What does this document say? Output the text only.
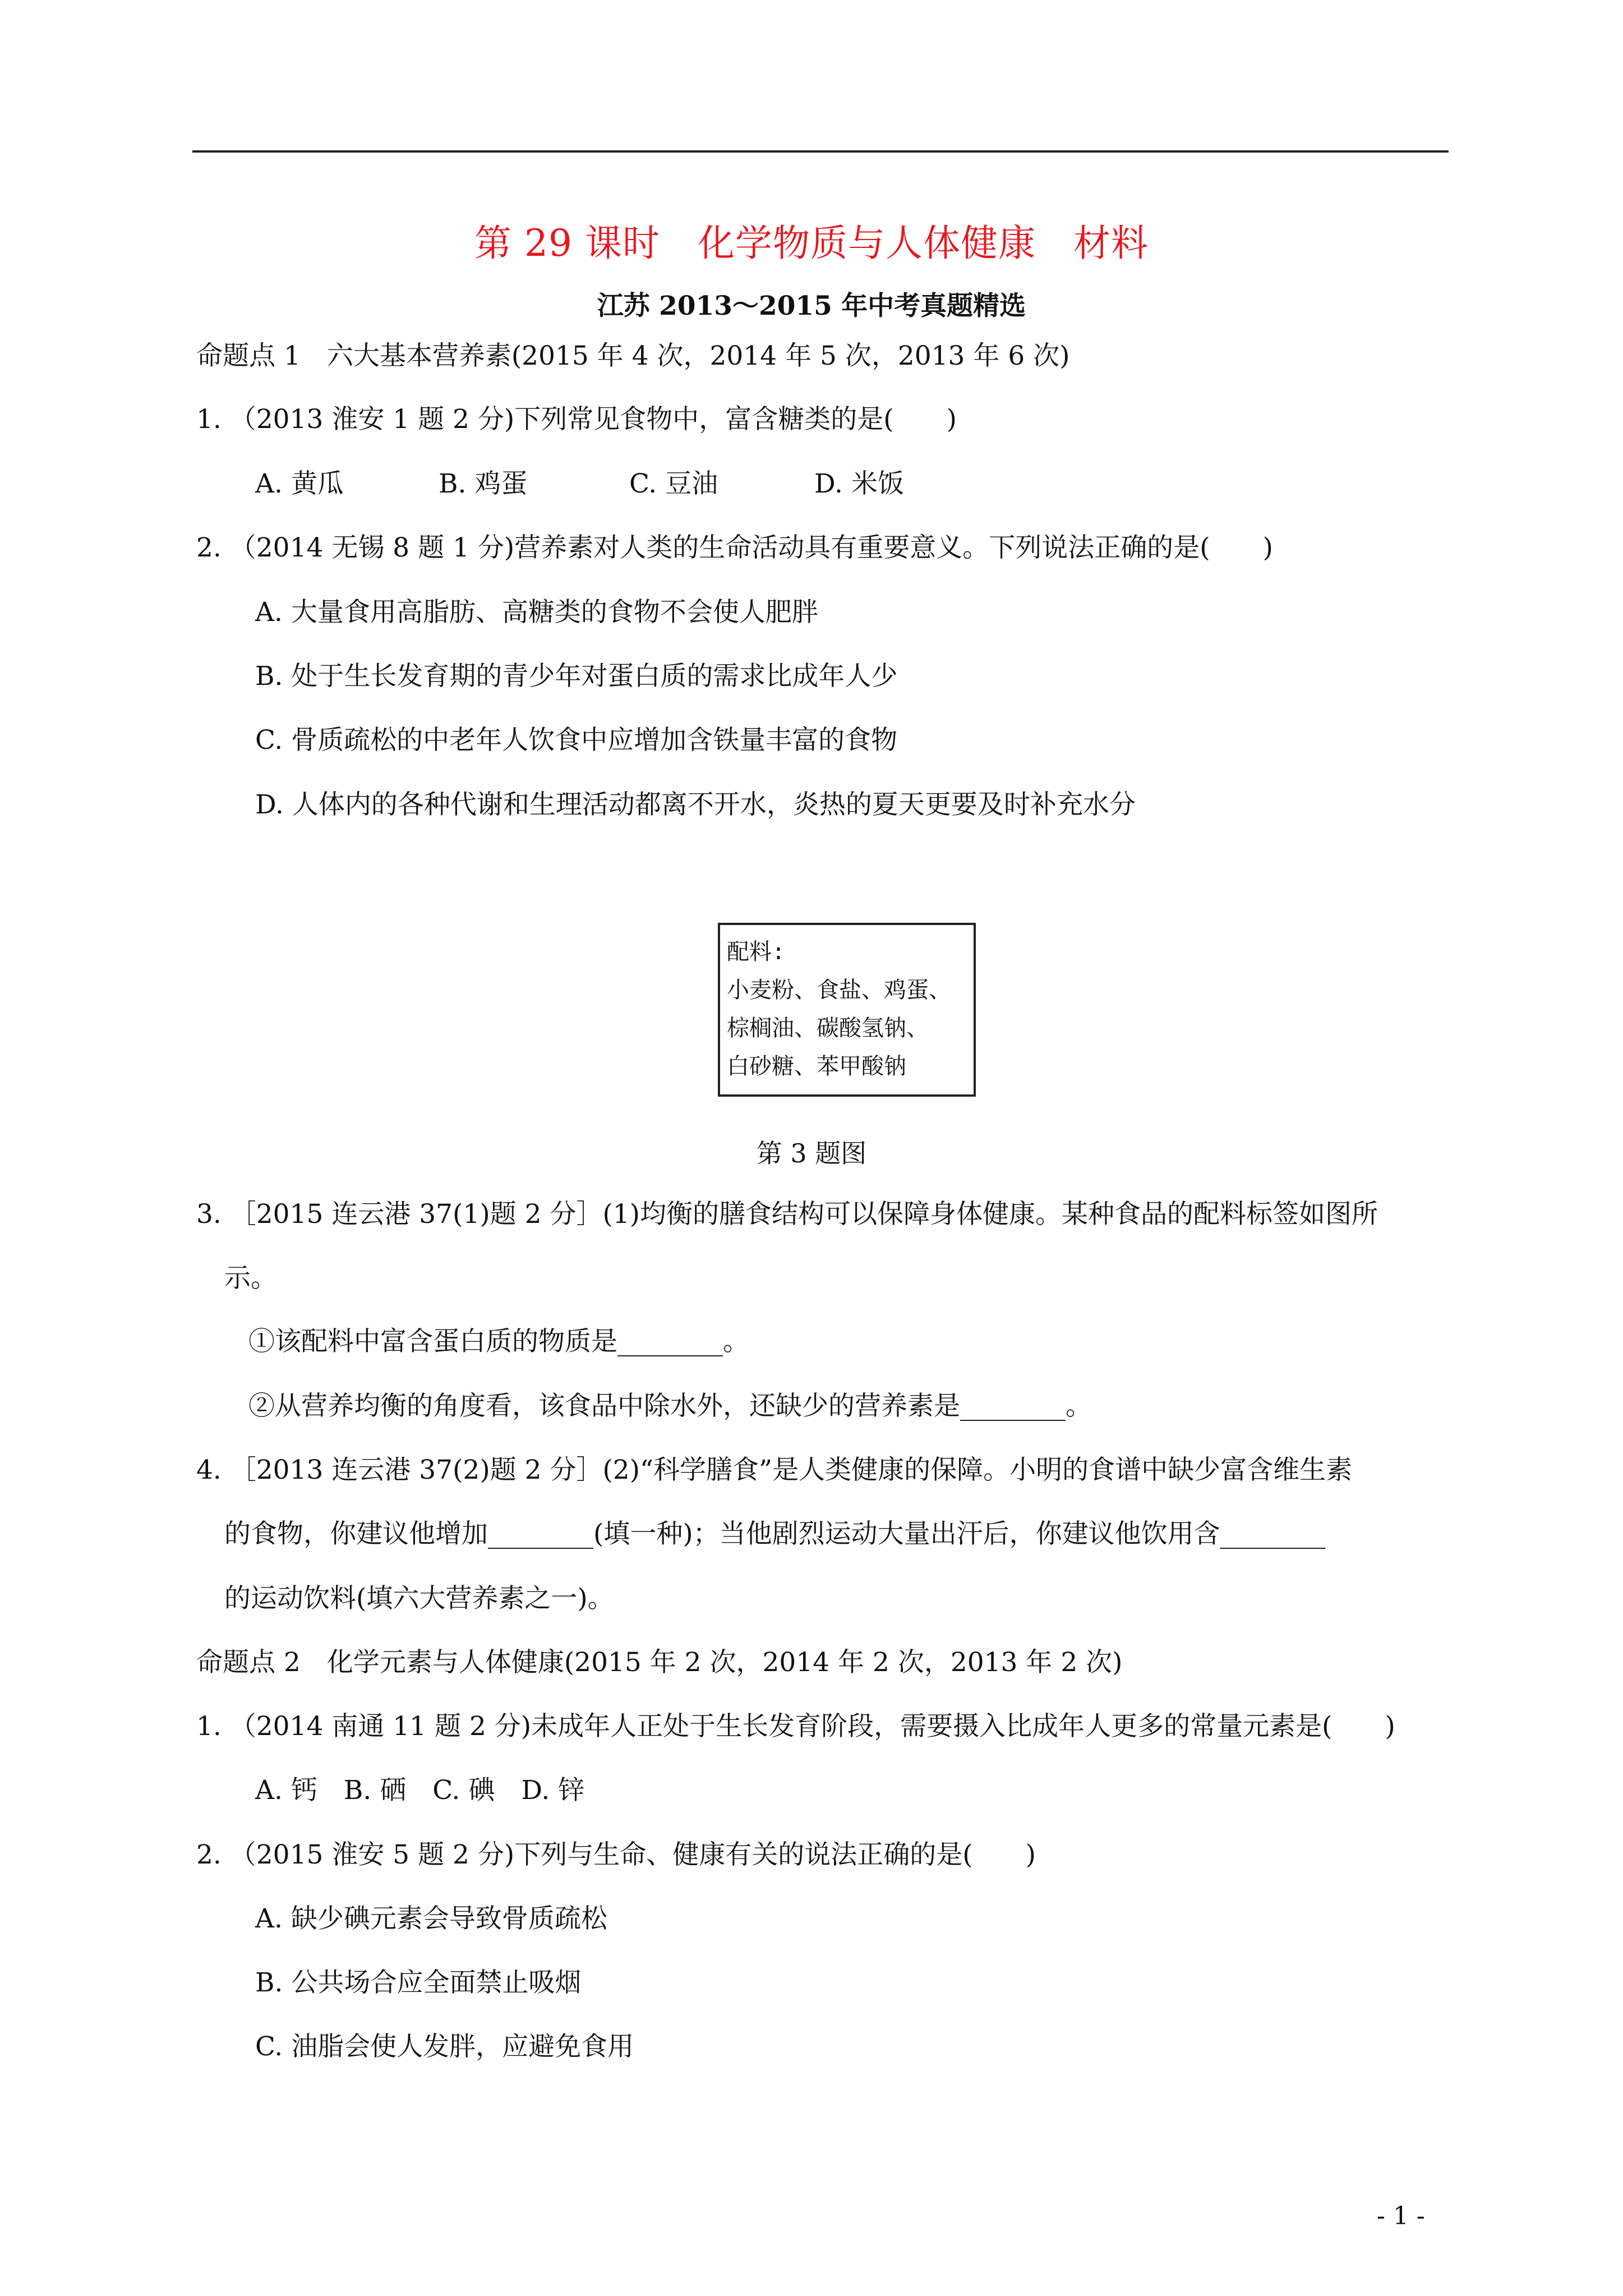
第 29 课时　化学物质与人体健康　材料
江苏 2013～2015 年中考真题精选
命题点 1　六大基本营养素(2015 年 4 次，2014 年 5 次，2013 年 6 次)
1. （2013 淮安 1 题 2 分)下列常见食物中，富含糖类的是(　　)
A. 黄瓜	B. 鸡蛋	C. 豆油	D. 米饭
2. （2014 无锡 8 题 1 分)营养素对人类的生命活动具有重要意义。下列说法正确的是(　　)
A. 大量食用高脂肪、高糖类的食物不会使人肥胖
B. 处于生长发育期的青少年对蛋白质的需求比成年人少
C. 骨质疏松的中老年人饮食中应增加含铁量丰富的食物
D. 人体内的各种代谢和生理活动都离不开水，炎热的夏天更要及时补充水分
配料:
小麦粉、食盐、鸡蛋、
棕榈油、碳酸氢钠、
白砂糖、苯甲酸钠
第 3 题图
3. ［2015 连云港 37(1)题 2 分］(1)均衡的膳食结构可以保障身体健康。某种食品的配料标签如图所
示。
①该配料中富含蛋白质的物质是________。
②从营养均衡的角度看，该食品中除水外，还缺少的营养素是________。
4. ［2013 连云港 37(2)题 2 分］(2)“科学膳食”是人类健康的保障。小明的食谱中缺少富含维生素
的食物，你建议他增加________(填一种)；当他剧烈运动大量出汗后，你建议他饮用含________
的运动饮料(填六大营养素之一)。
命题点 2　化学元素与人体健康(2015 年 2 次，2014 年 2 次，2013 年 2 次)
1. （2014 南通 11 题 2 分)未成年人正处于生长发育阶段，需要摄入比成年人更多的常量元素是(　　)
A. 钙　B. 硒　C. 碘　D. 锌
2. （2015 淮安 5 题 2 分)下列与生命、健康有关的说法正确的是(　　)
A. 缺少碘元素会导致骨质疏松
B. 公共场合应全面禁止吸烟
C. 油脂会使人发胖，应避免食用
- 1 -
